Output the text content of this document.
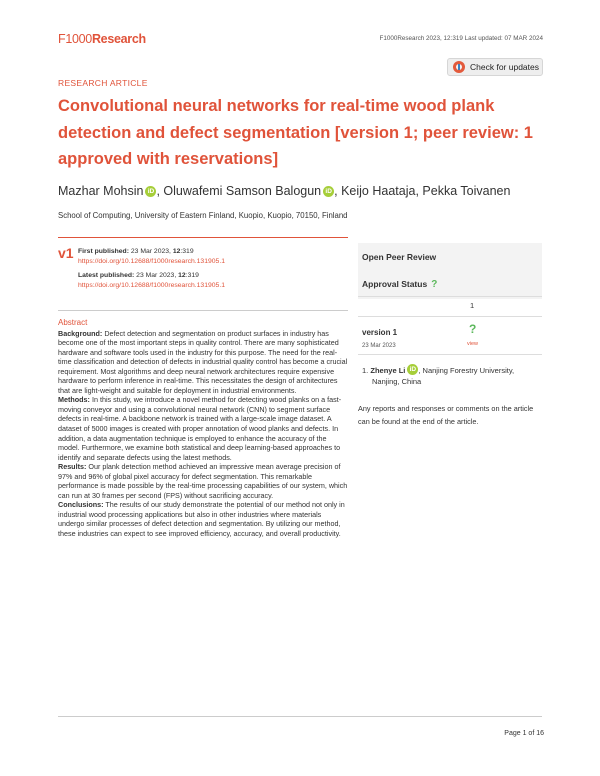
F1000Research	F1000Research 2023, 12:319 Last updated: 07 MAR 2024
Check for updates
RESEARCH ARTICLE
Convolutional neural networks for real-time wood plank detection and defect segmentation [version 1; peer review: 1 approved with reservations]
Mazhar Mohsin iD , Oluwafemi Samson Balogun iD , Keijo Haataja, Pekka Toivanen
School of Computing, University of Eastern Finland, Kuopio, Kuopio, 70150, Finland
v1 First published: 23 Mar 2023, 12:319
https://doi.org/10.12688/f1000research.131905.1
Latest published: 23 Mar 2023, 12:319
https://doi.org/10.12688/f1000research.131905.1
Abstract

Background: Defect detection and segmentation on product surfaces in industry has become one of the most important steps in quality control. There are many sophisticated hardware and software tools used in the industry for this purpose. The need for the real-time classification and detection of defects in industrial quality control has become a crucial requirement. Most algorithms and deep neural network architectures require expensive hardware to perform inference in real-time. This necessitates the design of architectures that are light-weight and suitable for deployment in industrial environments.

Methods: In this study, we introduce a novel method for detecting wood planks on a fast-moving conveyor and using a convolutional neural network (CNN) to segment surface defects in real-time. A backbone network is trained with a large-scale image dataset. A dataset of 5000 images is created with proper annotation of wood planks and defects. In addition, a data augmentation technique is employed to enhance the accuracy of the model. Furthermore, we examine both statistical and deep learning-based approaches to identify and separate defects using the latest methods.

Results: Our plank detection method achieved an impressive mean average precision of 97% and 96% of global pixel accuracy for defect segmentation. This remarkable performance is made possible by the real-time processing capabilities of our system, which can run at 30 frames per second (FPS) without sacrificing accuracy.

Conclusions: The results of our study demonstrate the potential of our method not only in industrial wood processing applications but also in other industries where materials undergo similar processes of defect detection and segmentation. By utilizing our method, these industries can expect to see improved efficiency, accuracy, and overall productivity.

Open Peer Review
Approval Status ?
1
version 1
23 Mar 2023
?
view
1. Zhenye Li iD , Nanjing Forestry University,
Nanjing, China
Any reports and responses or comments on the article can be found at the end of the article.
Page 1 of 16
